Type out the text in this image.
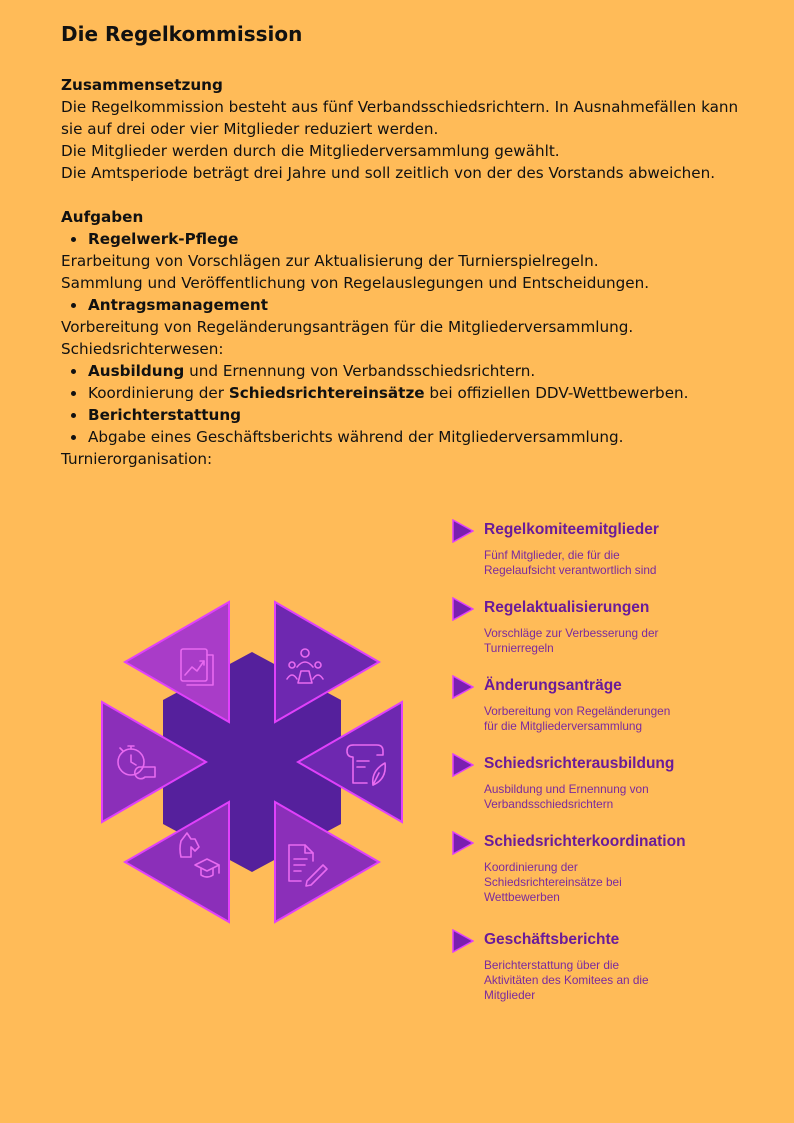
Die Regelkommission

Zusammensetzung

Die Regelkommission besteht aus fünf Verbandsschiedsrichtern. In Ausnahmefällen kann

sie auf drei oder vier Mitglieder reduziert werden.

Die Mitglieder werden durch die Mitgliederversammlung gewählt.

Die Amtsperiode beträgt drei Jahre und soll zeitlich von der des Vorstands abweichen.

Aufgaben

Regelwerk-Pflege

Erarbeitung von Vorschlägen zur Aktualisierung der Turnierspielregeln.

Sammlung und Veröffentlichung von Regelauslegungen und Entscheidungen.

Antragsmanagement

Vorbereitung von Regeländerungsanträgen für die Mitgliederversammlung.

Schiedsrichterwesen:

Ausbildung und Ernennung von Verbandsschiedsrichtern.
Koordinierung der Schiedsrichtereinsätze bei offiziellen DDV-Wettbewerben.
Berichterstattung
Abgabe eines Geschäftsberichts während der Mitgliederversammlung.

Turnierorganisation:

Regelkomiteemitglieder
Fünf Mitglieder, die für die
Regelaufsicht verantwortlich sind
Regelaktualisierungen
Vorschläge zur Verbesserung der
Turnierregeln
Änderungsanträge
Vorbereitung von Regeländerungen
für die Mitgliederversammlung
Schiedsrichterausbildung
Ausbildung und Ernennung von
Verbandsschiedsrichtern
Schiedsrichterkoordination
Koordinierung der
Schiedsrichtereinsätze bei
Wettbewerben
Geschäftsberichte
Berichterstattung über die
Aktivitäten des Komitees an die
Mitglieder
